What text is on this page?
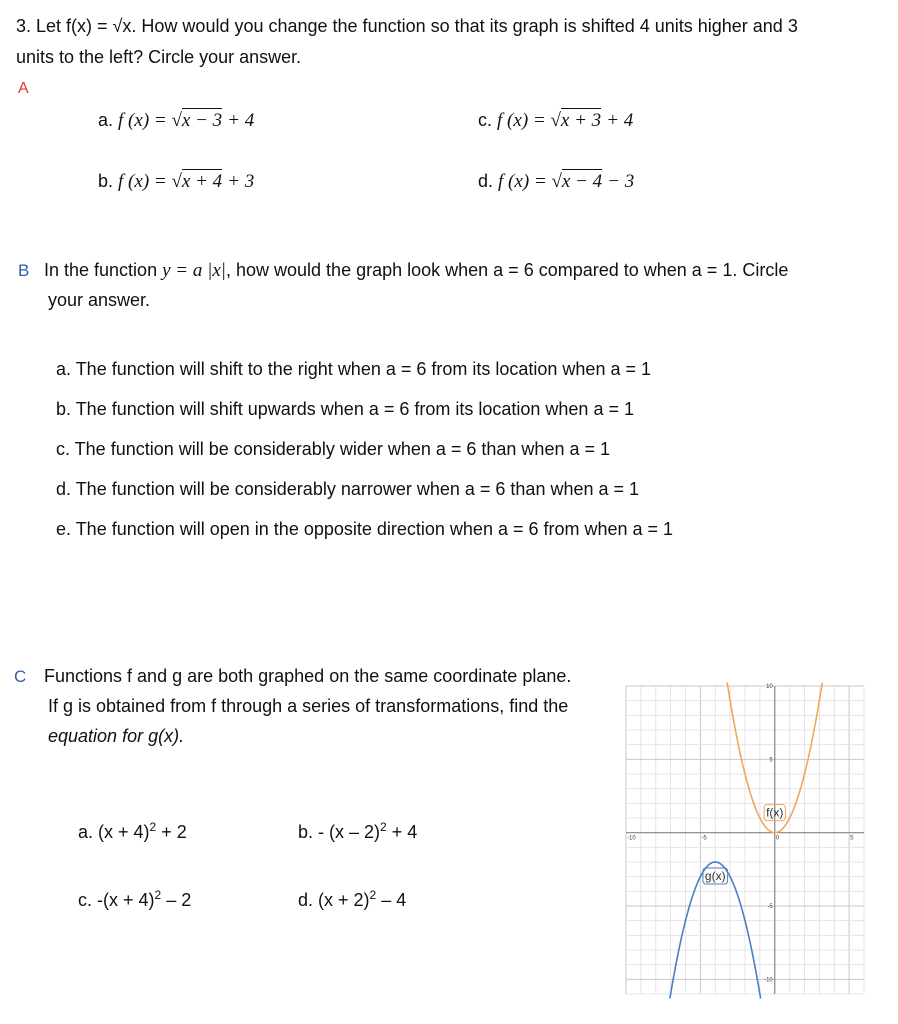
3. Let f(x) = √x. How would you change the function so that its graph is shifted 4 units higher and 3
units to the left? Circle your answer.
A
a. f (x) = √x − 3 + 4	c. f (x) = √x + 3 + 4
b. f (x) = √x + 4 + 3	d. f (x) = √x − 4 − 3
B In the function y = a |x|, how would the graph look when a = 6 compared to when a = 1. Circle
your answer.
a. The function will shift to the right when a = 6 from its location when a = 1
b. The function will shift upwards when a = 6 from its location when a = 1
c. The function will be considerably wider when a = 6 than when a = 1
d. The function will be considerably narrower when a = 6 than when a = 1
e. The function will open in the opposite direction when a = 6 from when a = 1
C Functions f and g are both graphed on the same coordinate plane.
If g is obtained from f through a series of transformations, find the
equation for g(x).
a. $(x + 4)^2 + 2$	b. - (x – 2)$^2$ + 4
c. $-(x + 4)^2 - 2$	d. $(x + 2)^2 - 4$
-10	-5	0	5
10
5
-5
-10
f(x)
g(x)
